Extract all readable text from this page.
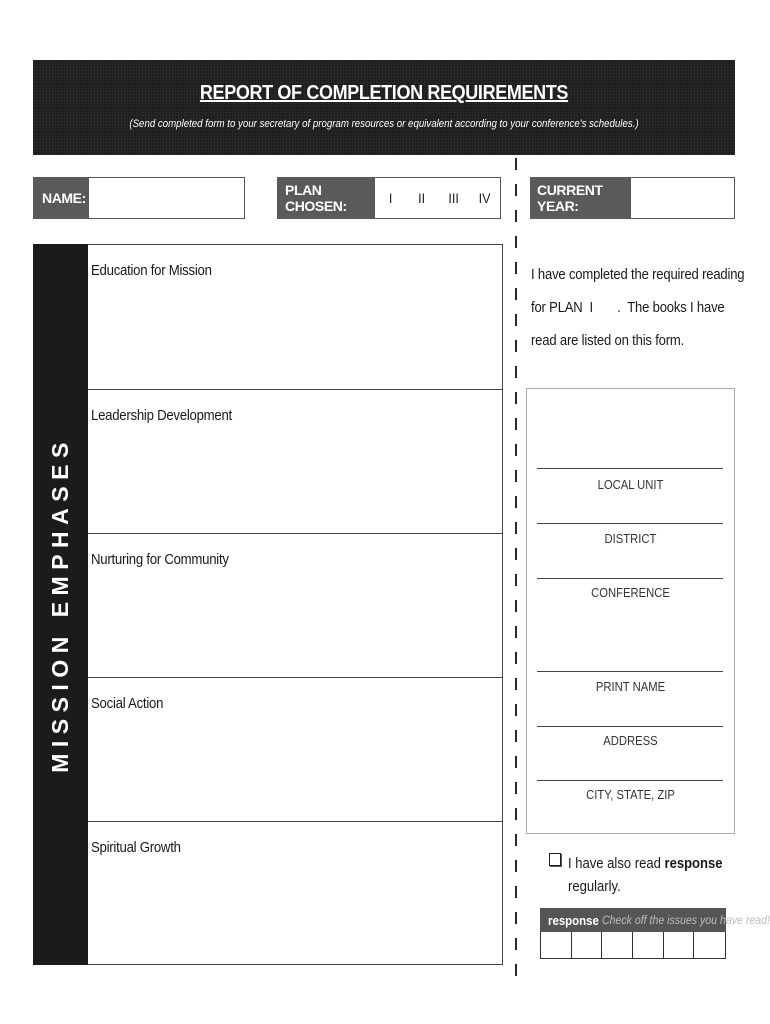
REPORT OF COMPLETION REQUIREMENTS
(Send completed form to your secretary of program resources or equivalent according to your conference's schedules.)
NAME:	PLAN CHOSEN:	I	II	III	IV	CURRENT YEAR:
MISSION EMPHASES
Education for Mission
Leadership Development
Nurturing for Community
Social Action
Spiritual Growth
I have completed the required reading
for PLAN  I       .  The books I have
read are listed on this form.
LOCAL UNIT
DISTRICT
CONFERENCE
PRINT NAME
ADDRESS
CITY, STATE, ZIP
I have also read response
regularly.
response Check off the issues you have read!
